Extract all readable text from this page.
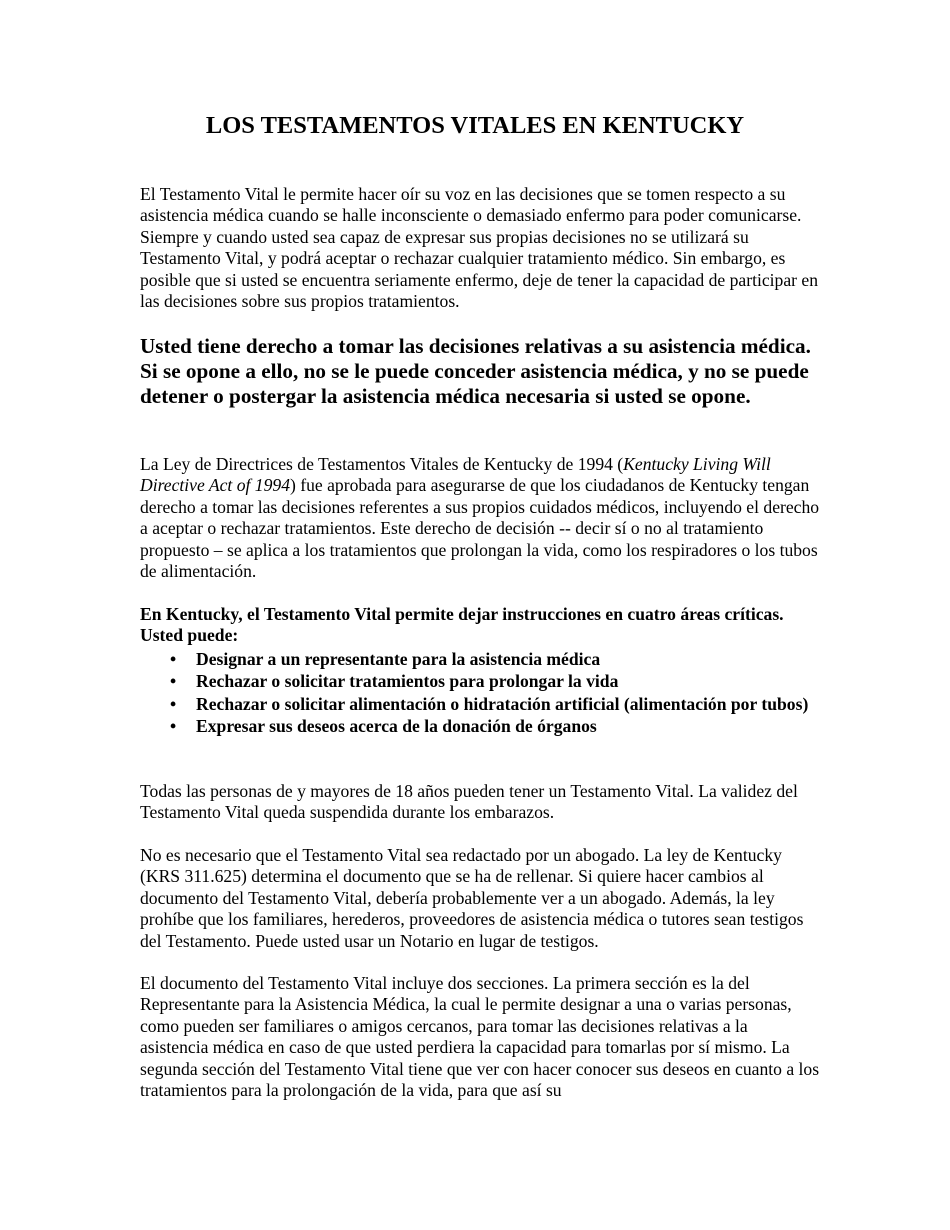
LOS TESTAMENTOS VITALES EN KENTUCKY

El Testamento Vital le permite hacer oír su voz en las decisiones que se tomen respecto a su asistencia médica cuando se halle inconsciente o demasiado enfermo para poder comunicarse. Siempre y cuando usted sea capaz de expresar sus propias decisiones no se utilizará su Testamento Vital, y podrá aceptar o rechazar cualquier tratamiento médico. Sin embargo, es posible que si usted se encuentra seriamente enfermo, deje de tener la capacidad de participar en las decisiones sobre sus propios tratamientos.

Usted tiene derecho a tomar las decisiones relativas a su asistencia médica. Si se opone a ello, no se le puede conceder asistencia médica, y no se puede detener o postergar la asistencia médica necesaria si usted se opone.

La Ley de Directrices de Testamentos Vitales de Kentucky de 1994 (Kentucky Living Will Directive Act of 1994) fue aprobada para asegurarse de que los ciudadanos de Kentucky tengan derecho a tomar las decisiones referentes a sus propios cuidados médicos, incluyendo el derecho a aceptar o rechazar tratamientos. Este derecho de decisión -- decir sí o no al tratamiento propuesto – se aplica a los tratamientos que prolongan la vida, como los respiradores o los tubos de alimentación.

En Kentucky, el Testamento Vital permite dejar instrucciones en cuatro áreas críticas. Usted puede:

• Designar a un representante para la asistencia médica
• Rechazar o solicitar tratamientos para prolongar la vida
• Rechazar o solicitar alimentación o hidratación artificial (alimentación por tubos)
• Expresar sus deseos acerca de la donación de órganos

Todas las personas de y mayores de 18 años pueden tener un Testamento Vital. La validez del Testamento Vital queda suspendida durante los embarazos.

No es necesario que el Testamento Vital sea redactado por un abogado. La ley de Kentucky (KRS 311.625) determina el documento que se ha de rellenar. Si quiere hacer cambios al documento del Testamento Vital, debería probablemente ver a un abogado. Además, la ley prohíbe que los familiares, herederos, proveedores de asistencia médica o tutores sean testigos del Testamento. Puede usted usar un Notario en lugar de testigos.

El documento del Testamento Vital incluye dos secciones. La primera sección es la del Representante para la Asistencia Médica, la cual le permite designar a una o varias personas, como pueden ser familiares o amigos cercanos, para tomar las decisiones relativas a la asistencia médica en caso de que usted perdiera la capacidad para tomarlas por sí mismo. La segunda sección del Testamento Vital tiene que ver con hacer conocer sus deseos en cuanto a los tratamientos para la prolongación de la vida, para que así su
